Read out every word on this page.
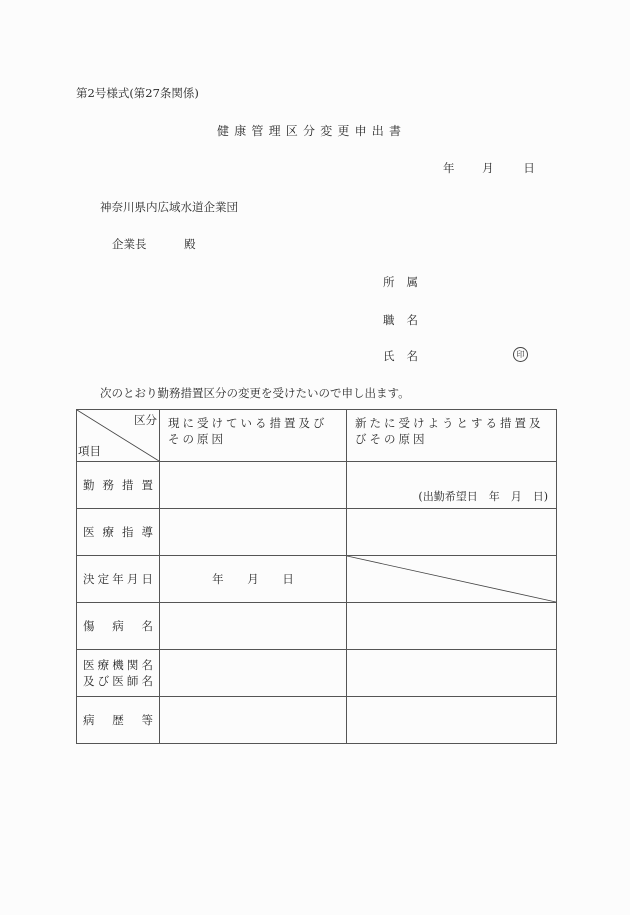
第2号様式(第27条関係)
健康管理区分変更申出書
年 月	日
神奈川県内広域水道企業団
企業長	殿
所 属
職 名
氏 名	印
次のとおり勤務措置区分の変更を受けたいので申し出ます。
区分
項目	現に受けている措置及びその原因	新たに受けようとする措置及びその原因
勤務措置		(出勤希望日　年　月　日)

医療指導		
決定年月日	年 月 日	

傷病名		

医療機関名
及び医師名		

病歴等		
